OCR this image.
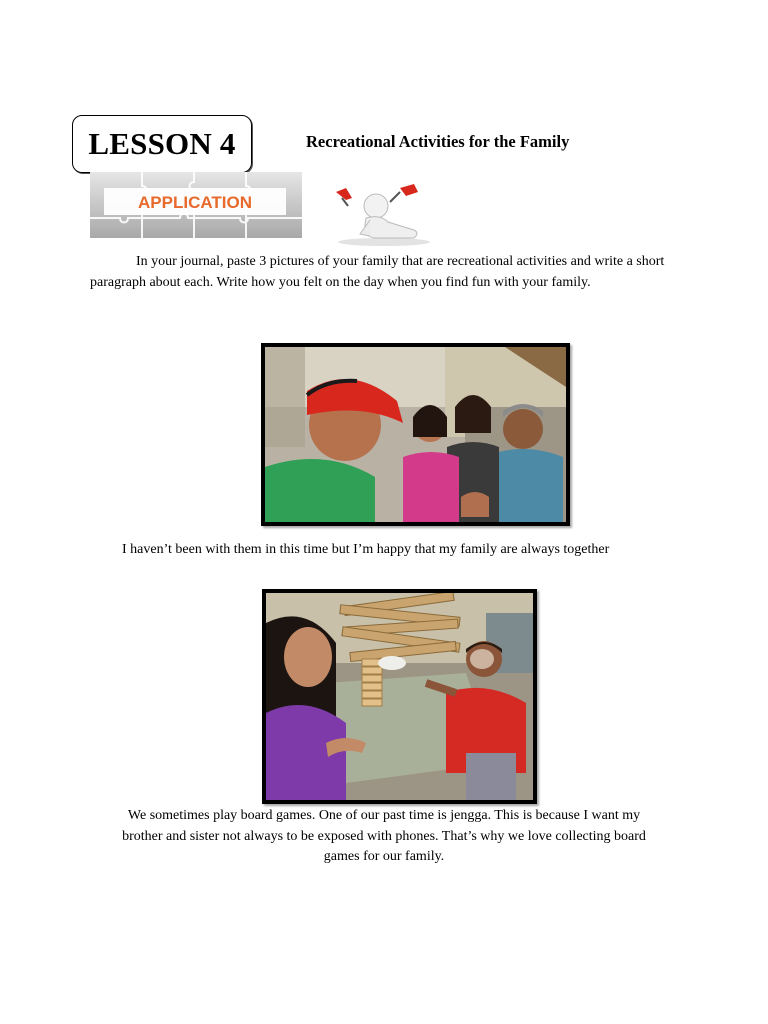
LESSON 4	Recreational Activities for the Family
APPLICATION
In your journal, paste 3 pictures of your family that are recreational activities and write a short paragraph about each. Write how you felt on the day when you find fun with your family.
I haven’t been with them in this time but I’m happy that my family are always together
We sometimes play board games. One of our past time is jengga. This is because I want my brother and sister not always to be exposed with phones. That’s why we love collecting board games for our family.
